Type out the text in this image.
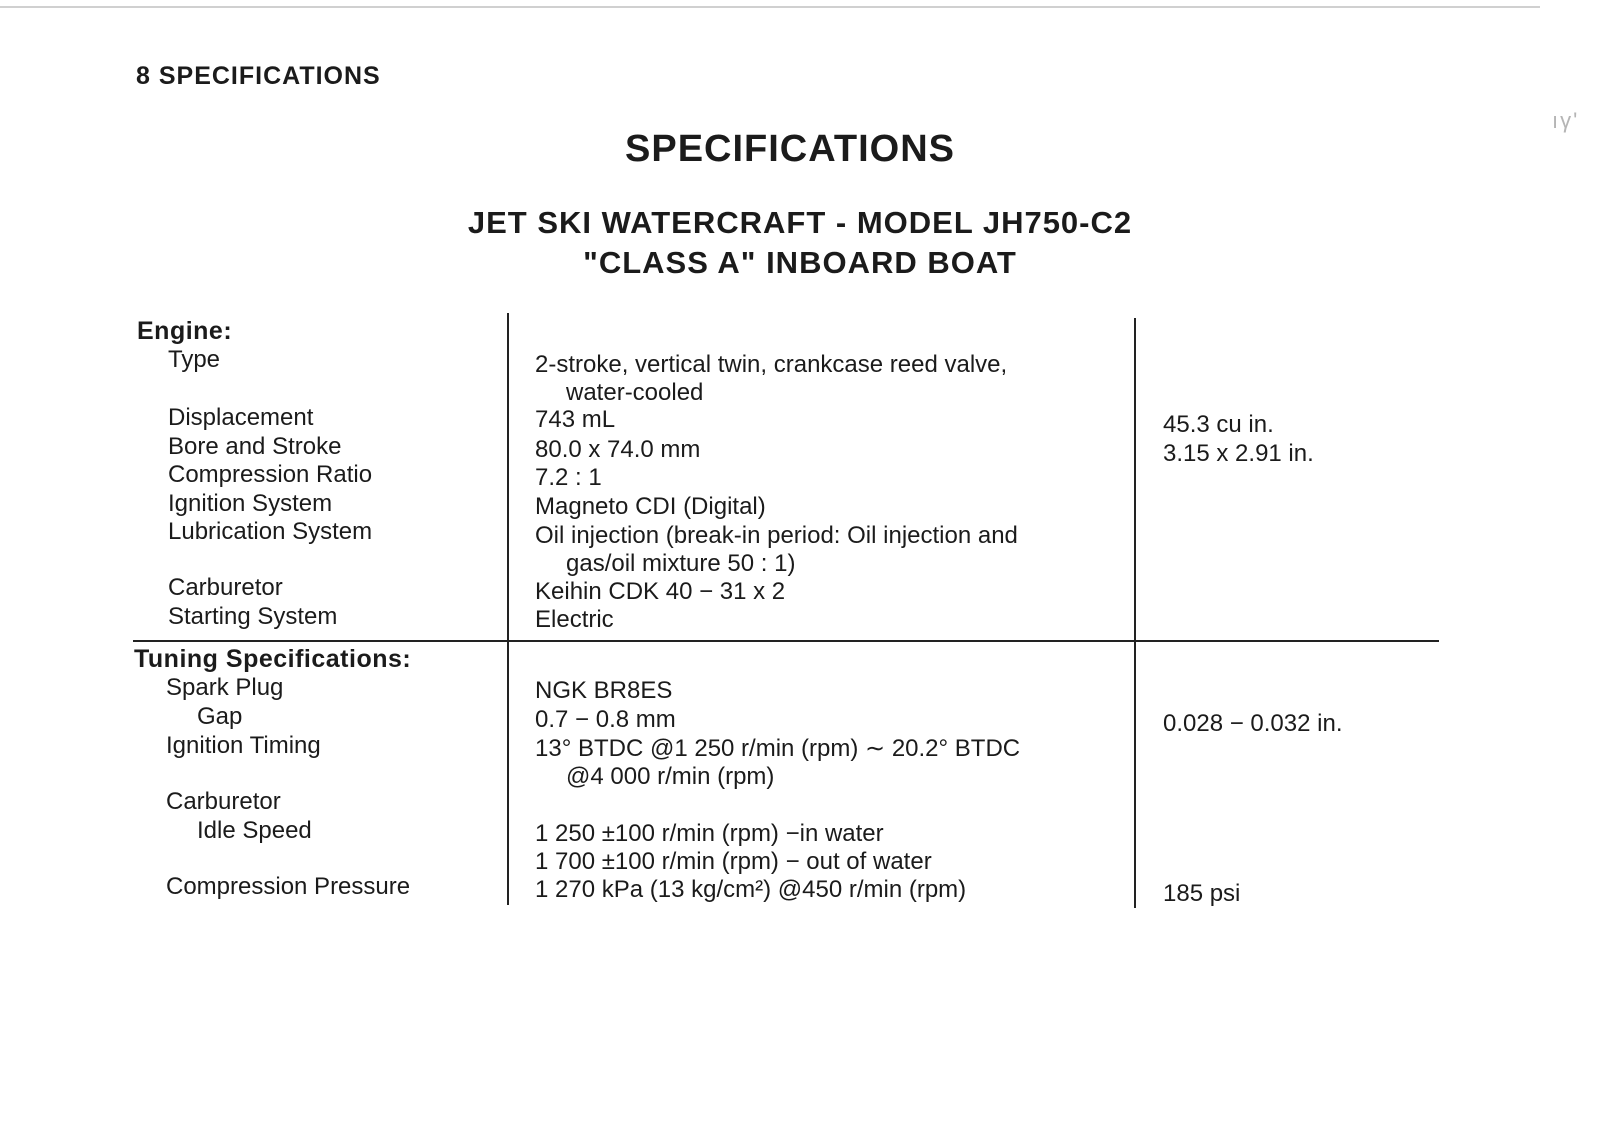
ıγ'
8 SPECIFICATIONS
SPECIFICATIONS
JET SKI WATERCRAFT - MODEL JH750-C2
"CLASS A" INBOARD BOAT
Engine:
Type	2-stroke, vertical twin, crankcase reed valve,
water-cooled
Displacement	743 mL	45.3 cu in.
Bore and Stroke	80.0 x 74.0 mm	3.15 x 2.91 in.
Compression Ratio	7.2 : 1
Ignition System	Magneto CDI (Digital)
Lubrication System	Oil injection (break-in period: Oil injection and
gas/oil mixture 50 : 1)
Carburetor	Keihin CDK 40 − 31 x 2
Starting System	Electric
Tuning Specifications:
Spark Plug	NGK BR8ES
Gap	0.7 − 0.8 mm	0.028 − 0.032 in.
Ignition Timing	13° BTDC @1 250 r/min (rpm) ∼ 20.2° BTDC
@4 000 r/min (rpm)
Carburetor
Idle Speed	1 250 ±100 r/min (rpm) −in water
1 700 ±100 r/min (rpm) − out of water
Compression Pressure	1 270 kPa (13 kg/cm²) @450 r/min (rpm)	185 psi
